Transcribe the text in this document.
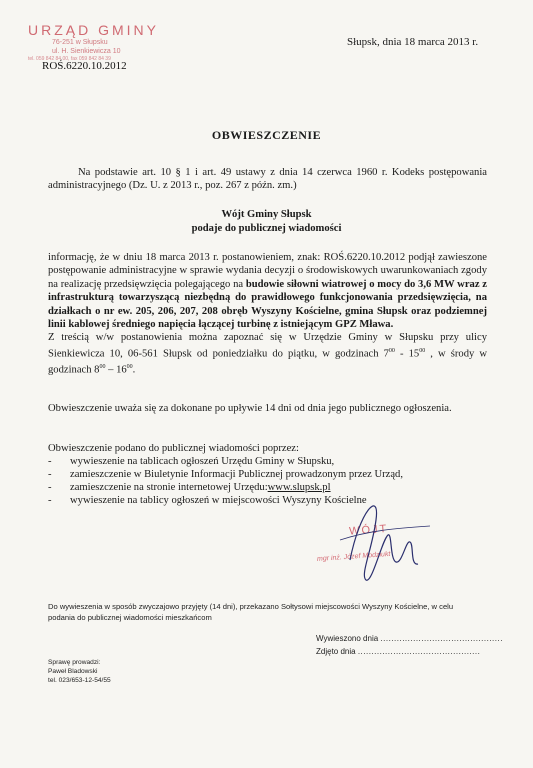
URZĄD GMINY
76-251 w Słupsku
ul. H. Sienkiewicza 10
tel. 059 842 84 00, fax 059 842 84 39
ROŚ.6220.10.2012
Słupsk, dnia 18 marca 2013 r.
OBWIESZCZENIE
Na podstawie art. 10 § 1 i art. 49 ustawy z dnia 14 czerwca 1960 r. Kodeks postępowania administracyjnego (Dz. U. z 2013 r., poz. 267 z późn. zm.)
Wójt Gminy Słupsk
podaje do publicznej wiadomości
informację, że w dniu 18 marca 2013 r. postanowieniem, znak: ROŚ.6220.10.2012 podjął zawieszone postępowanie administracyjne w sprawie wydania decyzji o środowiskowych uwarunkowaniach zgody na realizację przedsięwzięcia polegającego na budowie siłowni wiatrowej o mocy do 3,6 MW wraz z infrastrukturą towarzyszącą niezbędną do prawidłowego funkcjonowania przedsięwzięcia, na działkach o nr ew. 205, 206, 207, 208 obręb Wyszyny Kościelne, gmina Słupsk oraz podziemnej linii kablowej średniego napięcia łączącej turbinę z istniejącym GPZ Mława.
Z treścią w/w postanowienia można zapoznać się w Urzędzie Gminy w Słupsku przy ulicy Sienkiewicza 10, 06-561 Słupsk od poniedziałku do piątku, w godzinach $7^{00} - 15^{00}$ , w środy w godzinach $8^{00} - 16^{00}$.
Obwieszczenie uważa się za dokonane po upływie 14 dni od dnia jego publicznego ogłoszenia.
Obwieszczenie podano do publicznej wiadomości poprzez:
-	wywieszenie na tablicach ogłoszeń Urzędu Gminy w Słupsku,
-	zamieszczenie w Biuletynie Informacji Publicznej prowadzonym przez Urząd,
-	zamieszczenie na stronie internetowej Urzędu: www.slupsk.pl
-	wywieszenie na tablicy ogłoszeń w miejscowości Wyszyny Kościelne
WÓJT
mgr inż. Józef Modziukt
Do wywieszenia w sposób zwyczajowo przyjęty (14 dni), przekazano Sołtysowi miejscowości Wyszyny Kościelne, w celu podania do publicznej wiadomości mieszkańcom
Wywieszono dnia .............................................
Zdjęto dnia .............................................
Sprawę prowadzi:
Paweł Bladowski
tel. 023/653-12-54/55
